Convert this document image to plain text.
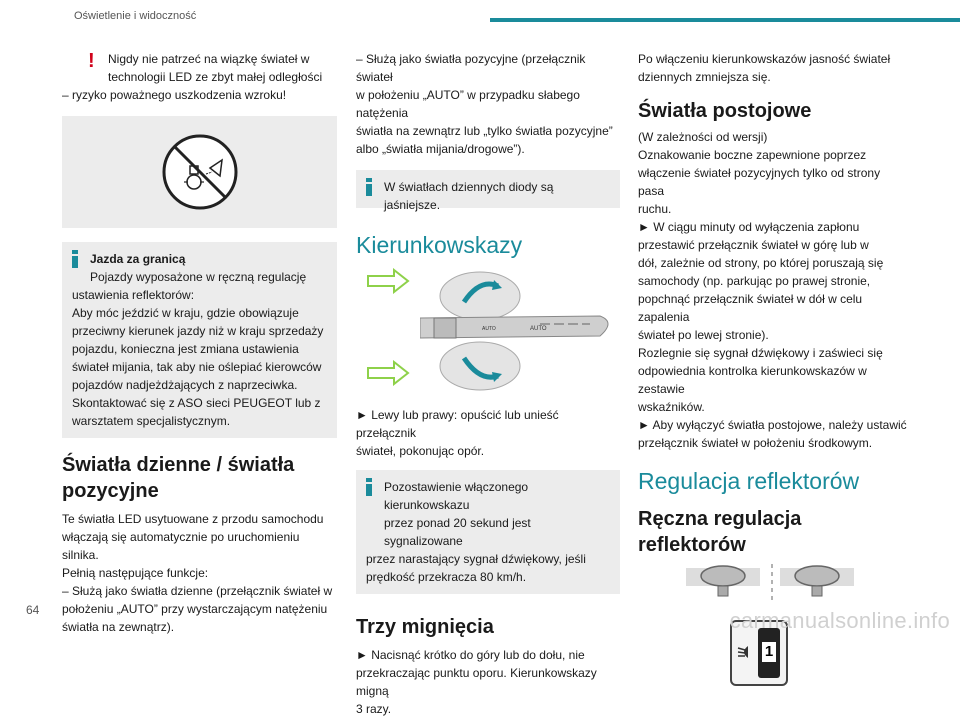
Oświetlenie i widoczność
!	Nigdy nie patrzeć na wiązkę świateł w

technologii LED ze zbyt małej odległości

– ryzyko poważnego uszkodzenia wzroku!

Jazda za granicą
Pojazdy wyposażone w ręczną regulację
ustawienia reflektorów:
Aby móc jeździć w kraju, gdzie obowiązuje
przeciwny kierunek jazdy niż w kraju sprzedaży
pojazdu, konieczna jest zmiana ustawienia
świateł mijania, tak aby nie oślepiać kierowców
pojazdów nadjeżdżających z naprzeciwka.
Skontaktować się z ASO sieci PEUGEOT lub z
warsztatem specjalistycznym.
Światła dzienne / światła
pozycyjne

Te światła LED usytuowane z przodu samochodu

włączają się automatycznie po uruchomieniu silnika.

Pełnią następujące funkcje:

– Służą jako światła dzienne (przełącznik świateł w

położeniu „AUTO” przy wystarczającym natężeniu

światła na zewnątrz).

– Służą jako światła pozycyjne (przełącznik świateł

w położeniu „AUTO” w przypadku słabego natężenia

światła na zewnątrz lub „tylko światła pozycyjne”

albo „światła mijania/drogowe”).

W światłach dziennych diody są jaśniejsze.
Kierunkowskazy
AUTO	AUTO

► Lewy lub prawy: opuścić lub unieść przełącznik

świateł, pokonując opór.

Pozostawienie włączonego kierunkowskazu
przez ponad 20 sekund jest sygnalizowane
przez narastający sygnał dźwiękowy, jeśli
prędkość przekracza 80 km/h.
Trzy mignięcia

► Nacisnąć krótko do góry lub do dołu, nie

przekraczając punktu oporu. Kierunkowskazy migną

3 razy.

Po włączeniu kierunkowskazów jasność świateł

dziennych zmniejsza się.

Światła postojowe

(W zależności od wersji)

Oznakowanie boczne zapewnione poprzez

włączenie świateł pozycyjnych tylko od strony pasa

ruchu.

► W ciągu minuty od wyłączenia zapłonu

przestawić przełącznik świateł w górę lub w

dół, zależnie od strony, po której poruszają się

samochody (np. parkując po prawej stronie,

popchnąć przełącznik świateł w dół w celu zapalenia

świateł po lewej stronie).

Rozlegnie się sygnał dźwiękowy i zaświeci się

odpowiednia kontrolka kierunkowskazów w zestawie

wskaźników.

► Aby wyłączyć światła postojowe, należy ustawić

przełącznik świateł w położeniu środkowym.

Regulacja reflektorów
Ręczna regulacja reflektorów
1
64	carmanualsonline.info
